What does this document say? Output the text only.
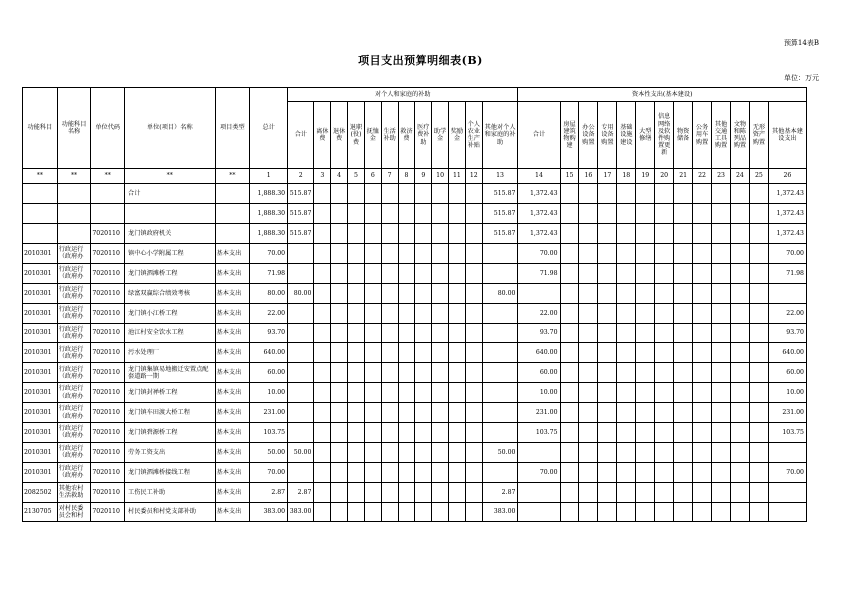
预算14表B
项目支出预算明细表(B)
单位：万元
功能科目	功能科目名称	单位代码	单位(项目）名称	项目类型	总计	对个人和家庭的补助												资本性支出(基本建设)												
						合计	离休费	退休费	退职(役)费	抚恤金	生活补助	救济费	医疗费补助	助学金	奖励金	个人农业生产补贴	其他对个人和家庭的补助	合计	房屋建筑物购建	办公设备购置	专用设备购置	基础设施建设	大型修缮	信息网络及软件购置更新	物资储备	公务用车购置	其他交通工具购置	文物和陈列品购置	无形资产购置	其他基本建设支出

**	**	**	**	**	1	2	3	4	5	6	7	8	9	10	11	12	13	14	15	16	17	18	19	20	21	22	23	24	25	26
			合计		1,888.30	515.87											515.87	1,372.43												1,372.43
					1,888.30	515.87											515.87	1,372.43												1,372.43
		7020110	龙门镇政府机关		1,888.30	515.87											515.87	1,372.43												1,372.43
2010301	行政运行（政府办	7020110	镇中心小学附属工程	基本支出	70.00													70.00												70.00
2010301	行政运行（政府办	7020110	龙门镇泗滩桥工程	基本支出	71.98													71.98												71.98
2010301	行政运行（政府办	7020110	绿富双赢综合绩效考核	基本支出	80.00	80.00											80.00													
2010301	行政运行（政府办	7020110	龙门镇小江桥工程	基本支出	22.00													22.00												22.00
2010301	行政运行（政府办	7020110	池江村安全饮水工程	基本支出	93.70													93.70												93.70
2010301	行政运行（政府办	7020110	污水处理厂	基本支出	640.00													640.00												640.00
2010301	行政运行（政府办	7020110	龙门镇集镇易地搬迁安置点配套道路一期	基本支出	60.00													60.00												60.00
2010301	行政运行（政府办	7020110	龙门镇封禅桥工程	基本支出	10.00													10.00												10.00
2010301	行政运行（政府办	7020110	龙门镇车田渡大桥工程	基本支出	231.00													231.00												231.00
2010301	行政运行（政府办	7020110	龙门镇碧源桥工程	基本支出	103.75													103.75												103.75
2010301	行政运行（政府办	7020110	劳务工资支出	基本支出	50.00	50.00											50.00													
2010301	行政运行（政府办	7020110	龙门镇泗滩桥接线工程	基本支出	70.00													70.00												70.00
2082502	其他农村生活救助	7020110	工伤民工补助	基本支出	2.87	2.87											2.87													
2130705	对村民委员会和村	7020110	村民委员和村党支部补助	基本支出	383.00	383.00											383.00													
